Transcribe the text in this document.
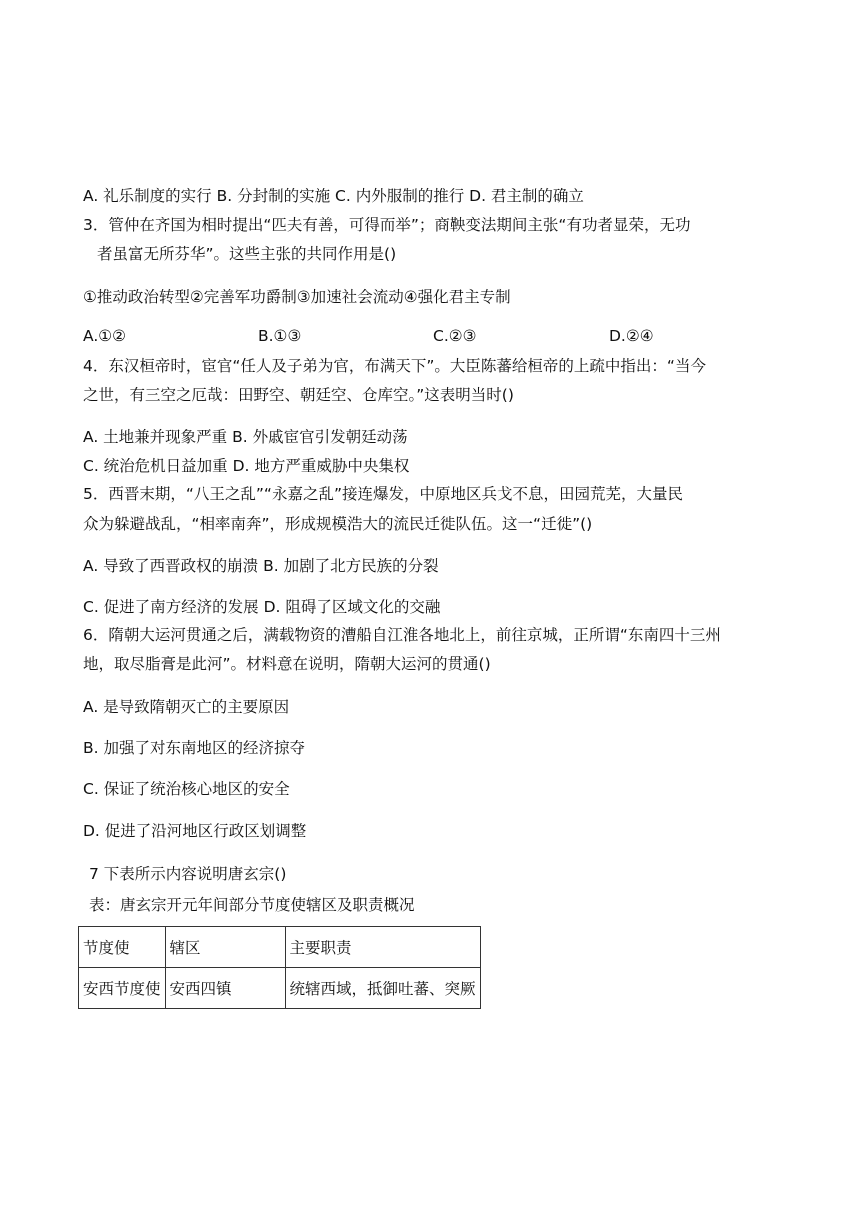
A. 礼乐制度的实行 B. 分封制的实施 C. 内外服制的推行 D. 君主制的确立
3．管仲在齐国为相时提出“匹夫有善，可得而举”；商鞅变法期间主张“有功者显荣，无功
者虽富无所芬华”。这些主张的共同作用是()
①推动政治转型②完善军功爵制③加速社会流动④强化君主专制
A.①②	B.①③	C.②③	D.②④
4．东汉桓帝时，宦官“任人及子弟为官，布满天下”。大臣陈蕃给桓帝的上疏中指出：“当今
之世，有三空之厄哉：田野空、朝廷空、仓库空。”这表明当时()
A. 土地兼并现象严重 B. 外戚宦官引发朝廷动荡
C. 统治危机日益加重 D. 地方严重威胁中央集权
5．西晋末期，“八王之乱”“永嘉之乱”接连爆发，中原地区兵戈不息，田园荒芜，大量民
众为躲避战乱，“相率南奔”，形成规模浩大的流民迁徙队伍。这一“迁徙”()
A. 导致了西晋政权的崩溃 B. 加剧了北方民族的分裂
C. 促进了南方经济的发展 D. 阻碍了区域文化的交融
6．隋朝大运河贯通之后，满载物资的漕船自江淮各地北上，前往京城，正所谓“东南四十三州
地，取尽脂膏是此河”。材料意在说明，隋朝大运河的贯通()
A. 是导致隋朝灭亡的主要原因
B. 加强了对东南地区的经济掠夺
C. 保证了统治核心地区的安全
D. 促进了沿河地区行政区划调整
7 下表所示内容说明唐玄宗()
表：唐玄宗开元年间部分节度使辖区及职责概况
节度使	辖区	主要职责
安西节度使	安西四镇	统辖西域，抵御吐蕃、突厥
